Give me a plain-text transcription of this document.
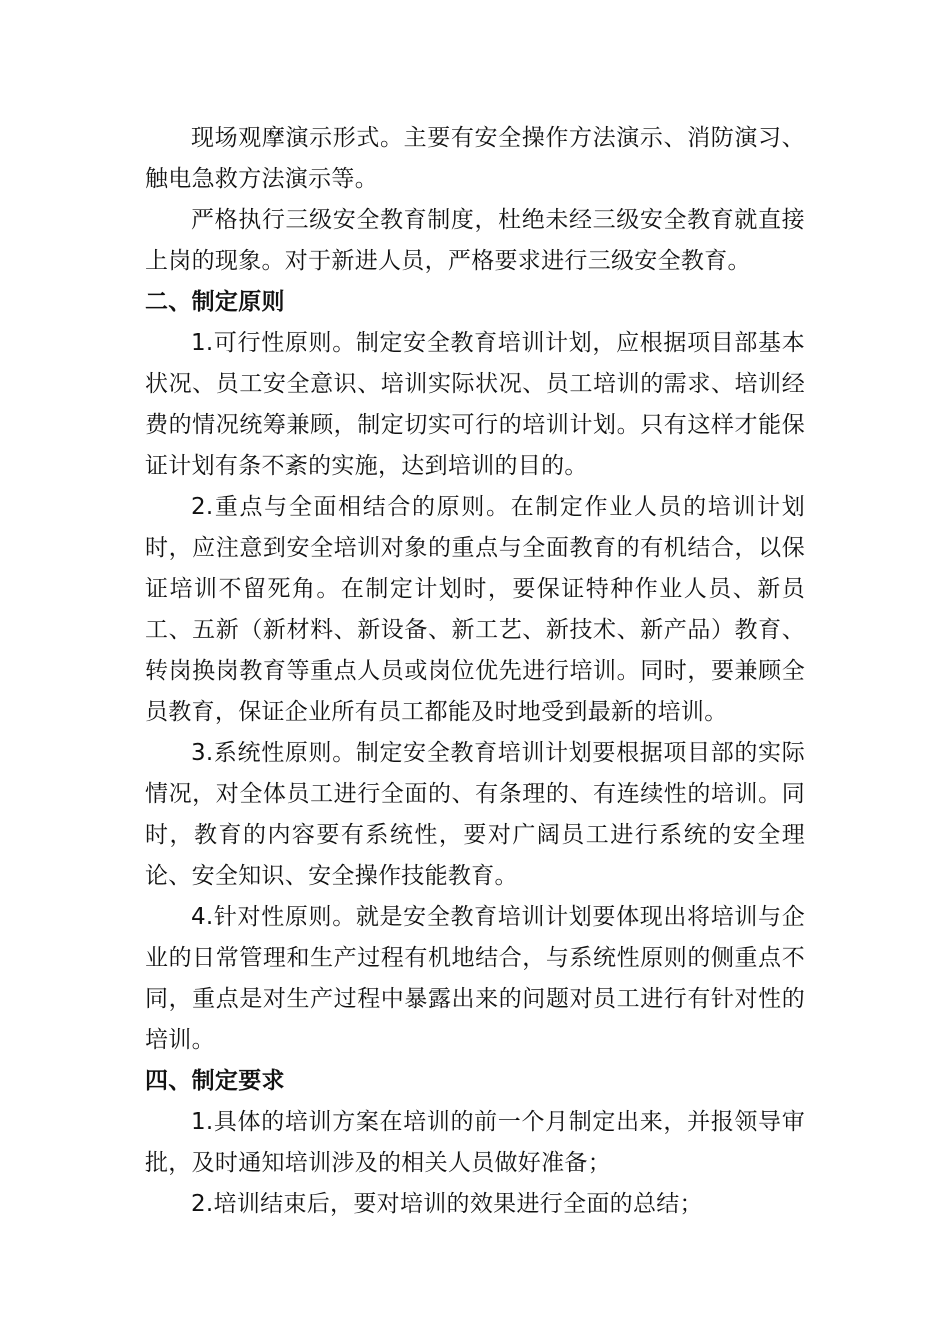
现场观摩演示形式。主要有安全操作方法演示、消防演习、触电急救方法演示等。

严格执行三级安全教育制度，杜绝未经三级安全教育就直接上岗的现象。对于新进人员，严格要求进行三级安全教育。

二、制定原则

1.可行性原则。制定安全教育培训计划，应根据项目部基本状况、员工安全意识、培训实际状况、员工培训的需求、培训经费的情况统筹兼顾，制定切实可行的培训计划。只有这样才能保证计划有条不紊的实施，达到培训的目的。

2.重点与全面相结合的原则。在制定作业人员的培训计划时，应注意到安全培训对象的重点与全面教育的有机结合，以保证培训不留死角。在制定计划时，要保证特种作业人员、新员工、五新（新材料、新设备、新工艺、新技术、新产品）教育、转岗换岗教育等重点人员或岗位优先进行培训。同时，要兼顾全员教育，保证企业所有员工都能及时地受到最新的培训。

3.系统性原则。制定安全教育培训计划要根据项目部的实际情况，对全体员工进行全面的、有条理的、有连续性的培训。同时，教育的内容要有系统性，要对广阔员工进行系统的安全理论、安全知识、安全操作技能教育。

4.针对性原则。就是安全教育培训计划要体现出将培训与企业的日常管理和生产过程有机地结合，与系统性原则的侧重点不同，重点是对生产过程中暴露出来的问题对员工进行有针对性的培训。

四、制定要求

1.具体的培训方案在培训的前一个月制定出来，并报领导审批，及时通知培训涉及的相关人员做好准备；

2.培训结束后，要对培训的效果进行全面的总结；
